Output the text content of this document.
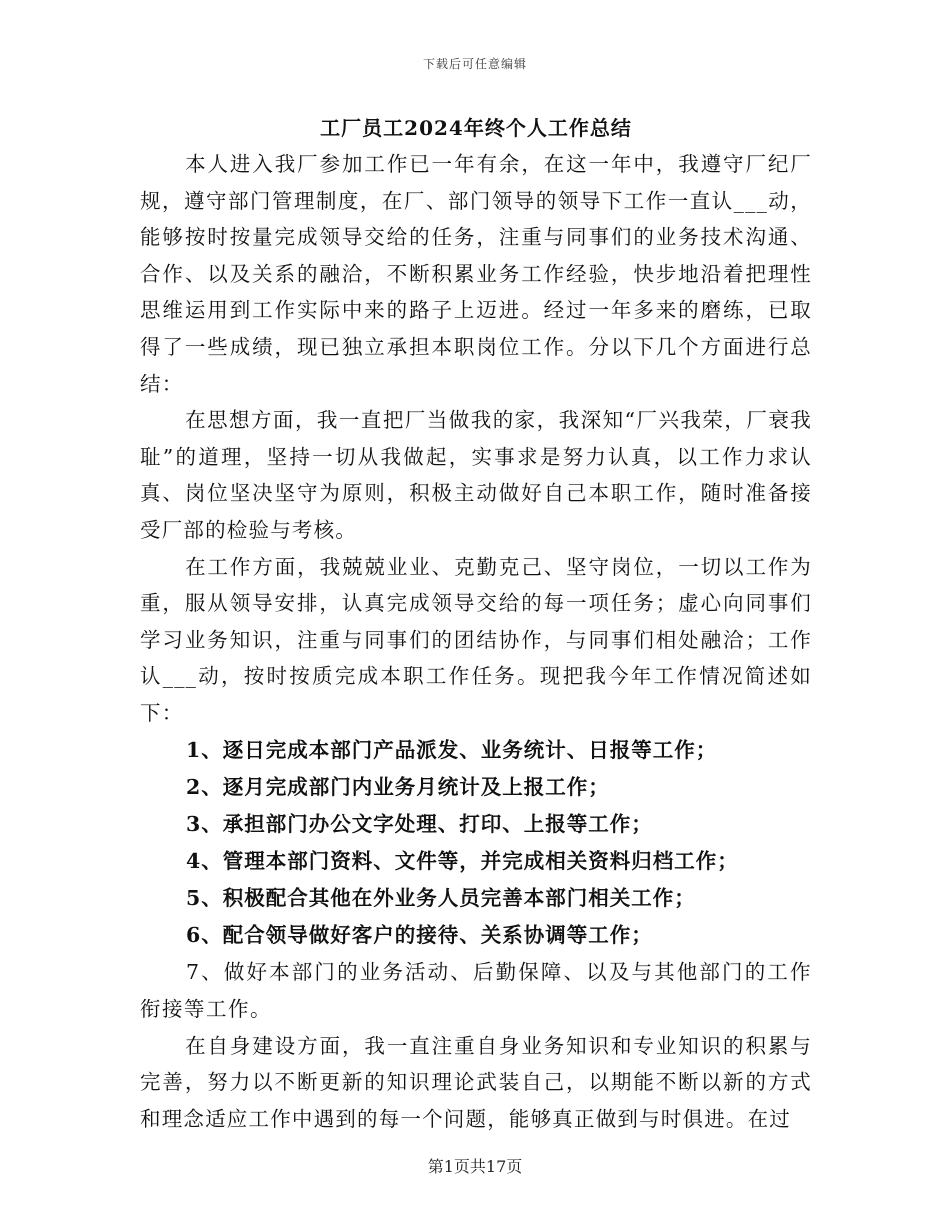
下载后可任意编辑
工厂员工2024年终个人工作总结

本人进入我厂参加工作已一年有余，在这一年中，我遵守厂纪厂规，遵守部门管理制度，在厂、部门领导的领导下工作一直认___动，能够按时按量完成领导交给的任务，注重与同事们的业务技术沟通、合作、以及关系的融洽，不断积累业务工作经验，快步地沿着把理性思维运用到工作实际中来的路子上迈进。经过一年多来的磨练，已取得了一些成绩，现已独立承担本职岗位工作。分以下几个方面进行总结：

在思想方面，我一直把厂当做我的家，我深知“厂兴我荣，厂衰我耻”的道理，坚持一切从我做起，实事求是努力认真，以工作力求认真、岗位坚决坚守为原则，积极主动做好自己本职工作，随时准备接受厂部的检验与考核。

在工作方面，我兢兢业业、克勤克己、坚守岗位，一切以工作为重，服从领导安排，认真完成领导交给的每一项任务；虚心向同事们学习业务知识，注重与同事们的团结协作，与同事们相处融洽；工作认___动，按时按质完成本职工作任务。现把我今年工作情况简述如下：

1、逐日完成本部门产品派发、业务统计、日报等工作；

2、逐月完成部门内业务月统计及上报工作；

3、承担部门办公文字处理、打印、上报等工作；

4、管理本部门资料、文件等，并完成相关资料归档工作；

5、积极配合其他在外业务人员完善本部门相关工作；

6、配合领导做好客户的接待、关系协调等工作；

7、做好本部门的业务活动、后勤保障、以及与其他部门的工作衔接等工作。

在自身建设方面，我一直注重自身业务知识和专业知识的积累与完善，努力以不断更新的知识理论武装自己，以期能不断以新的方式和理念适应工作中遇到的每一个问题，能够真正做到与时俱进。在过

第1页共17页
